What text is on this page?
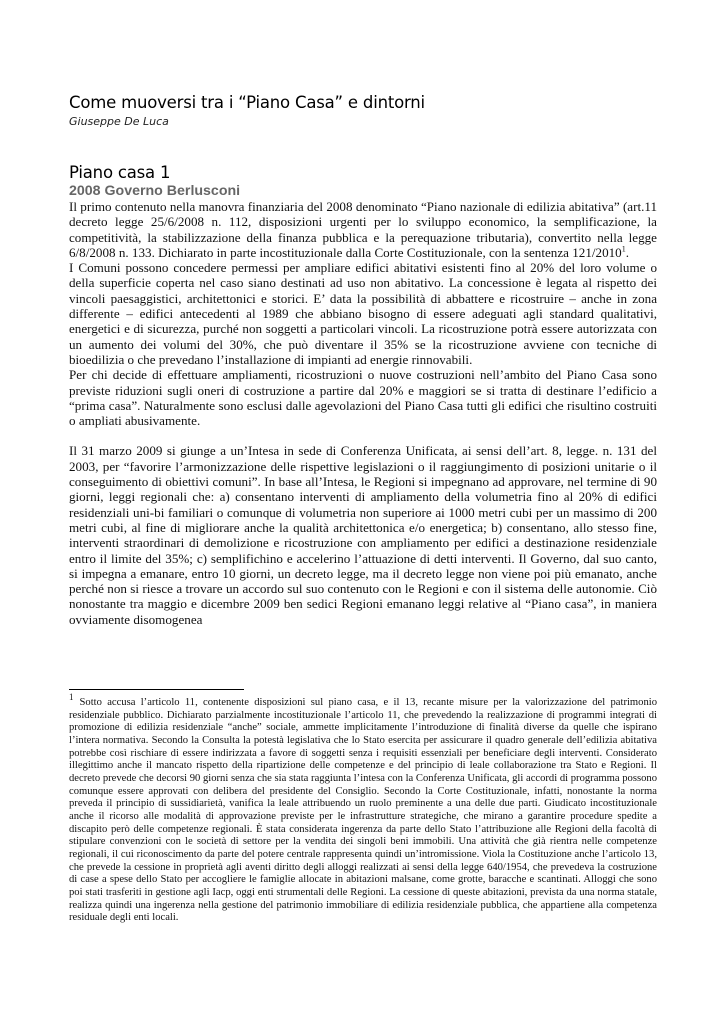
Come muoversi tra i “Piano Casa” e dintorni

Giuseppe De Luca

Piano casa 1
2008 Governo Berlusconi

Il primo contenuto nella manovra finanziaria del 2008 denominato “Piano nazionale di edilizia abitativa” (art.11 decreto legge 25/6/2008 n. 112, disposizioni urgenti per lo sviluppo economico, la semplificazione, la competitività, la stabilizzazione della finanza pubblica e la perequazione tributaria), convertito nella legge 6/8/2008 n. 133. Dichiarato in parte incostituzionale dalla Corte Costituzionale, con la sentenza 121/2010$^1$.

I Comuni possono concedere permessi per ampliare edifici abitativi esistenti fino al 20% del loro volume o della superficie coperta nel caso siano destinati ad uso non abitativo. La concessione è legata al rispetto dei vincoli paesaggistici, architettonici e storici. E’ data la possibilità di abbattere e ricostruire – anche in zona differente – edifici antecedenti al 1989 che abbiano bisogno di essere adeguati agli standard qualitativi, energetici e di sicurezza, purché non soggetti a particolari vincoli. La ricostruzione potrà essere autorizzata con un aumento dei volumi del 30%, che può diventare il 35% se la ricostruzione avviene con tecniche di bioedilizia o che prevedano l’installazione di impianti ad energie rinnovabili.

Per chi decide di effettuare ampliamenti, ricostruzioni o nuove costruzioni nell’ambito del Piano Casa sono previste riduzioni sugli oneri di costruzione a partire dal 20% e maggiori se si tratta di destinare l’edificio a “prima casa”. Naturalmente sono esclusi dalle agevolazioni del Piano Casa tutti gli edifici che risultino costruiti o ampliati abusivamente.

Il 31 marzo 2009 si giunge a un’Intesa in sede di Conferenza Unificata, ai sensi dell’art. 8, legge. n. 131 del 2003, per “favorire l’armonizzazione delle rispettive legislazioni o il raggiungimento di posizioni unitarie o il conseguimento di obiettivi comuni”. In base all’Intesa, le Regioni si impegnano ad approvare, nel termine di 90 giorni, leggi regionali che: a) consentano interventi di ampliamento della volumetria fino al 20% di edifici residenziali uni-bi familiari o comunque di volumetria non superiore ai 1000 metri cubi per un massimo di 200 metri cubi, al fine di migliorare anche la qualità architettonica e/o energetica; b) consentano, allo stesso fine, interventi straordinari di demolizione e ricostruzione con ampliamento per edifici a destinazione residenziale entro il limite del 35%; c) semplifichino e accelerino l’attuazione di detti interventi. Il Governo, dal suo canto, si impegna a emanare, entro 10 giorni, un decreto legge, ma il decreto legge non viene poi più emanato, anche perché non si riesce a trovare un accordo sul suo contenuto con le Regioni e con il sistema delle autonomie. Ciò nonostante tra maggio e dicembre 2009 ben sedici Regioni emanano leggi relative al “Piano casa”, in maniera ovviamente disomogenea

$^1$ Sotto accusa l’articolo 11, contenente disposizioni sul piano casa, e il 13, recante misure per la valorizzazione del patrimonio residenziale pubblico. Dichiarato parzialmente incostituzionale l’articolo 11, che prevedendo la realizzazione di programmi integrati di promozione di edilizia residenziale “anche” sociale, ammette implicitamente l’introduzione di finalità diverse da quelle che ispirano l’intera normativa. Secondo la Consulta la potestà legislativa che lo Stato esercita per assicurare il quadro generale dell’edilizia abitativa potrebbe così rischiare di essere indirizzata a favore di soggetti senza i requisiti essenziali per beneficiare degli interventi. Considerato illegittimo anche il mancato rispetto della ripartizione delle competenze e del principio di leale collaborazione tra Stato e Regioni. Il decreto prevede che decorsi 90 giorni senza che sia stata raggiunta l’intesa con la Conferenza Unificata, gli accordi di programma possono comunque essere approvati con delibera del presidente del Consiglio. Secondo la Corte Costituzionale, infatti, nonostante la norma preveda il principio di sussidiarietà, vanifica la leale attribuendo un ruolo preminente a una delle due parti. Giudicato incostituzionale anche il ricorso alle modalità di approvazione previste per le infrastrutture strategiche, che mirano a garantire procedure spedite a discapito però delle competenze regionali. È stata considerata ingerenza da parte dello Stato l’attribuzione alle Regioni della facoltà di stipulare convenzioni con le società di settore per la vendita dei singoli beni immobili. Una attività che già rientra nelle competenze regionali, il cui riconoscimento da parte del potere centrale rappresenta quindi un’intromissione. Viola la Costituzione anche l’articolo 13, che prevede la cessione in proprietà agli aventi diritto degli alloggi realizzati ai sensi della legge 640/1954, che prevedeva la costruzione di case a spese dello Stato per accogliere le famiglie allocate in abitazioni malsane, come grotte, baracche e scantinati. Alloggi che sono poi stati trasferiti in gestione agli Iacp, oggi enti strumentali delle Regioni. La cessione di queste abitazioni, prevista da una norma statale, realizza quindi una ingerenza nella gestione del patrimonio immobiliare di edilizia residenziale pubblica, che appartiene alla competenza residuale degli enti locali.
